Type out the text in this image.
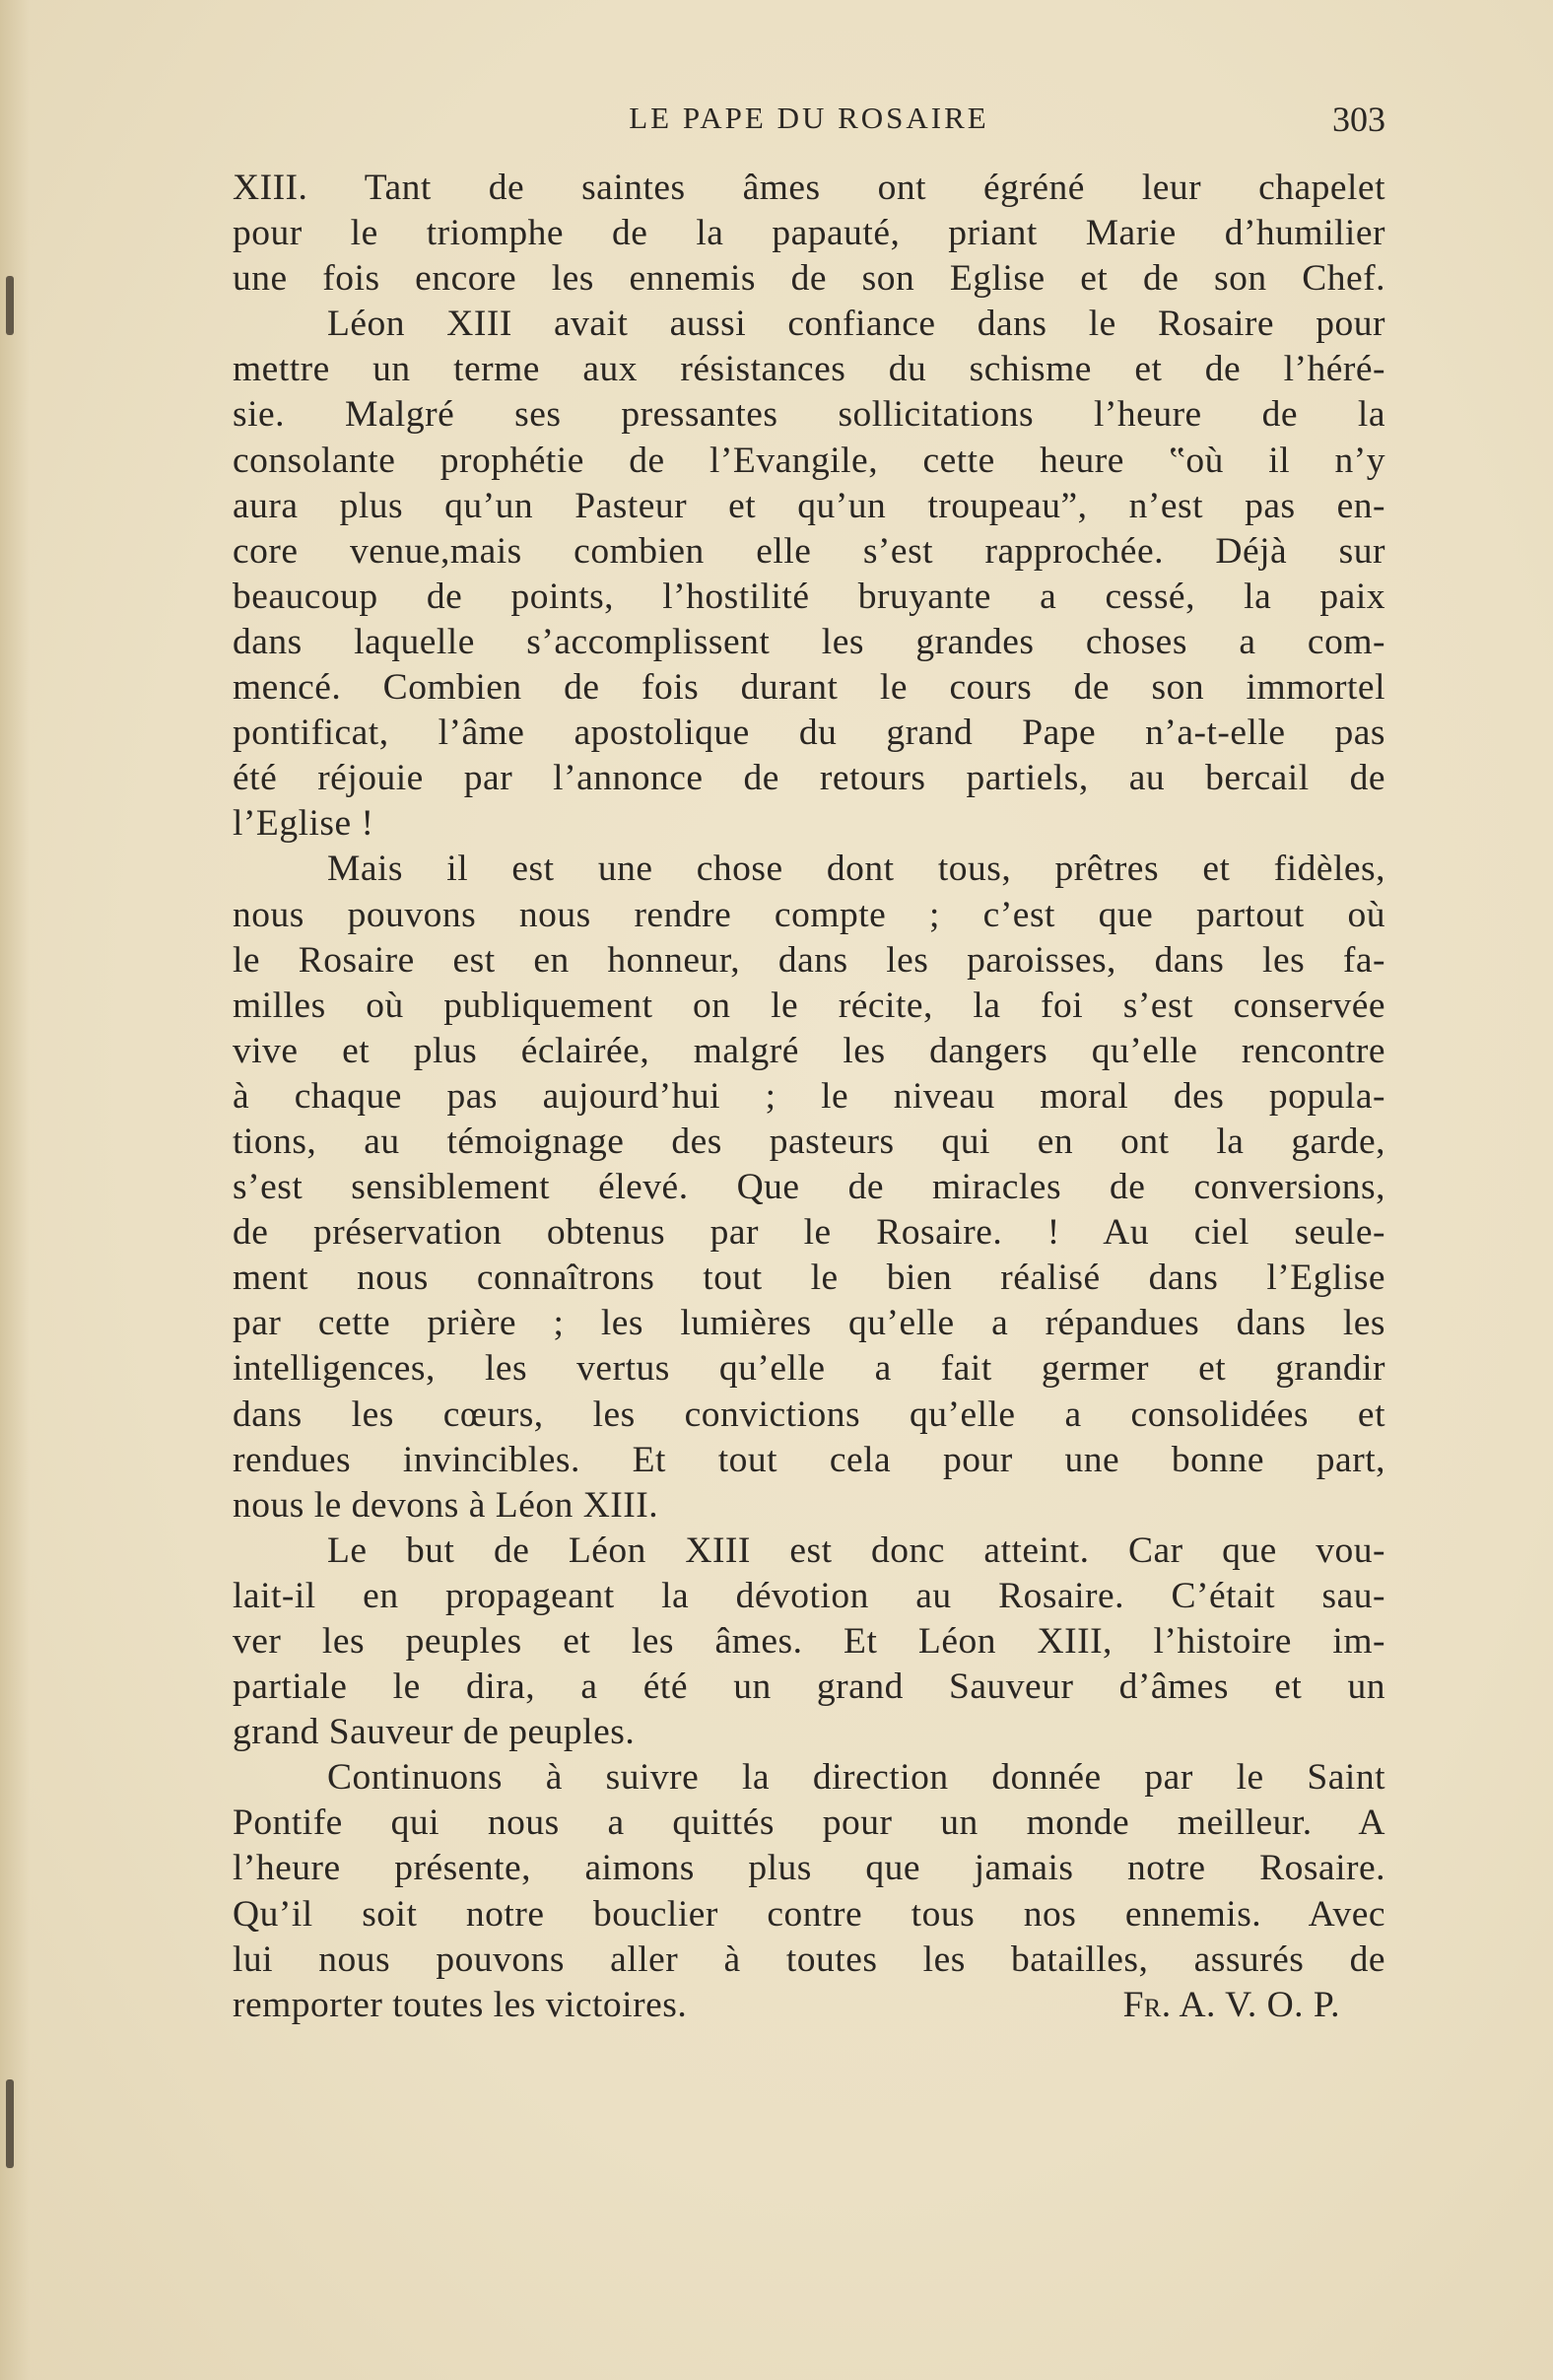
LE PAPE DU ROSAIRE	303
XIII. Tant de saintes âmes ont égréné leur chapelet
pour le triomphe de la papauté, priant Marie d’humilier
une fois encore les ennemis de son Eglise et de son Chef.
Léon XIII avait aussi confiance dans le Rosaire pour
mettre un terme aux résistances du schisme et de l’héré-
sie. Malgré ses pressantes sollicitations l’heure de la
consolante prophétie de l’Evangile, cette heure ‟où il n’y
aura plus qu’un Pasteur et qu’un troupeau”, n’est pas en-
core venue,mais combien elle s’est rapprochée. Déjà sur
beaucoup de points, l’hostilité bruyante a cessé, la paix
dans laquelle s’accomplissent les grandes choses a com-
mencé. Combien de fois durant le cours de son immortel
pontificat, l’âme apostolique du grand Pape n’a-t-elle pas
été réjouie par l’annonce de retours partiels, au bercail de
l’Eglise !
Mais il est une chose dont tous, prêtres et fidèles,
nous pouvons nous rendre compte ; c’est que partout où
le Rosaire est en honneur, dans les paroisses, dans les fa-
milles où publiquement on le récite, la foi s’est conservée
vive et plus éclairée, malgré les dangers qu’elle rencontre
à chaque pas aujourd’hui ; le niveau moral des popula-
tions, au témoignage des pasteurs qui en ont la garde,
s’est sensiblement élevé. Que de miracles de conversions,
de préservation obtenus par le Rosaire. ! Au ciel seule-
ment nous connaîtrons tout le bien réalisé dans l’Eglise
par cette prière ; les lumières qu’elle a répandues dans les
intelligences, les vertus qu’elle a fait germer et grandir
dans les cœurs, les convictions qu’elle a consolidées et
rendues invincibles. Et tout cela pour une bonne part,
nous le devons à Léon XIII.
Le but de Léon XIII est donc atteint. Car que vou-
lait-il en propageant la dévotion au Rosaire. C’était sau-
ver les peuples et les âmes. Et Léon XIII, l’histoire im-
partiale le dira, a été un grand Sauveur d’âmes et un
grand Sauveur de peuples.
Continuons à suivre la direction donnée par le Saint
Pontife qui nous a quittés pour un monde meilleur. A
l’heure présente, aimons plus que jamais notre Rosaire.
Qu’il soit notre bouclier contre tous nos ennemis. Avec
lui nous pouvons aller à toutes les batailles, assurés de
remporter toutes les victoires.	Fr. A. V. O. P.
